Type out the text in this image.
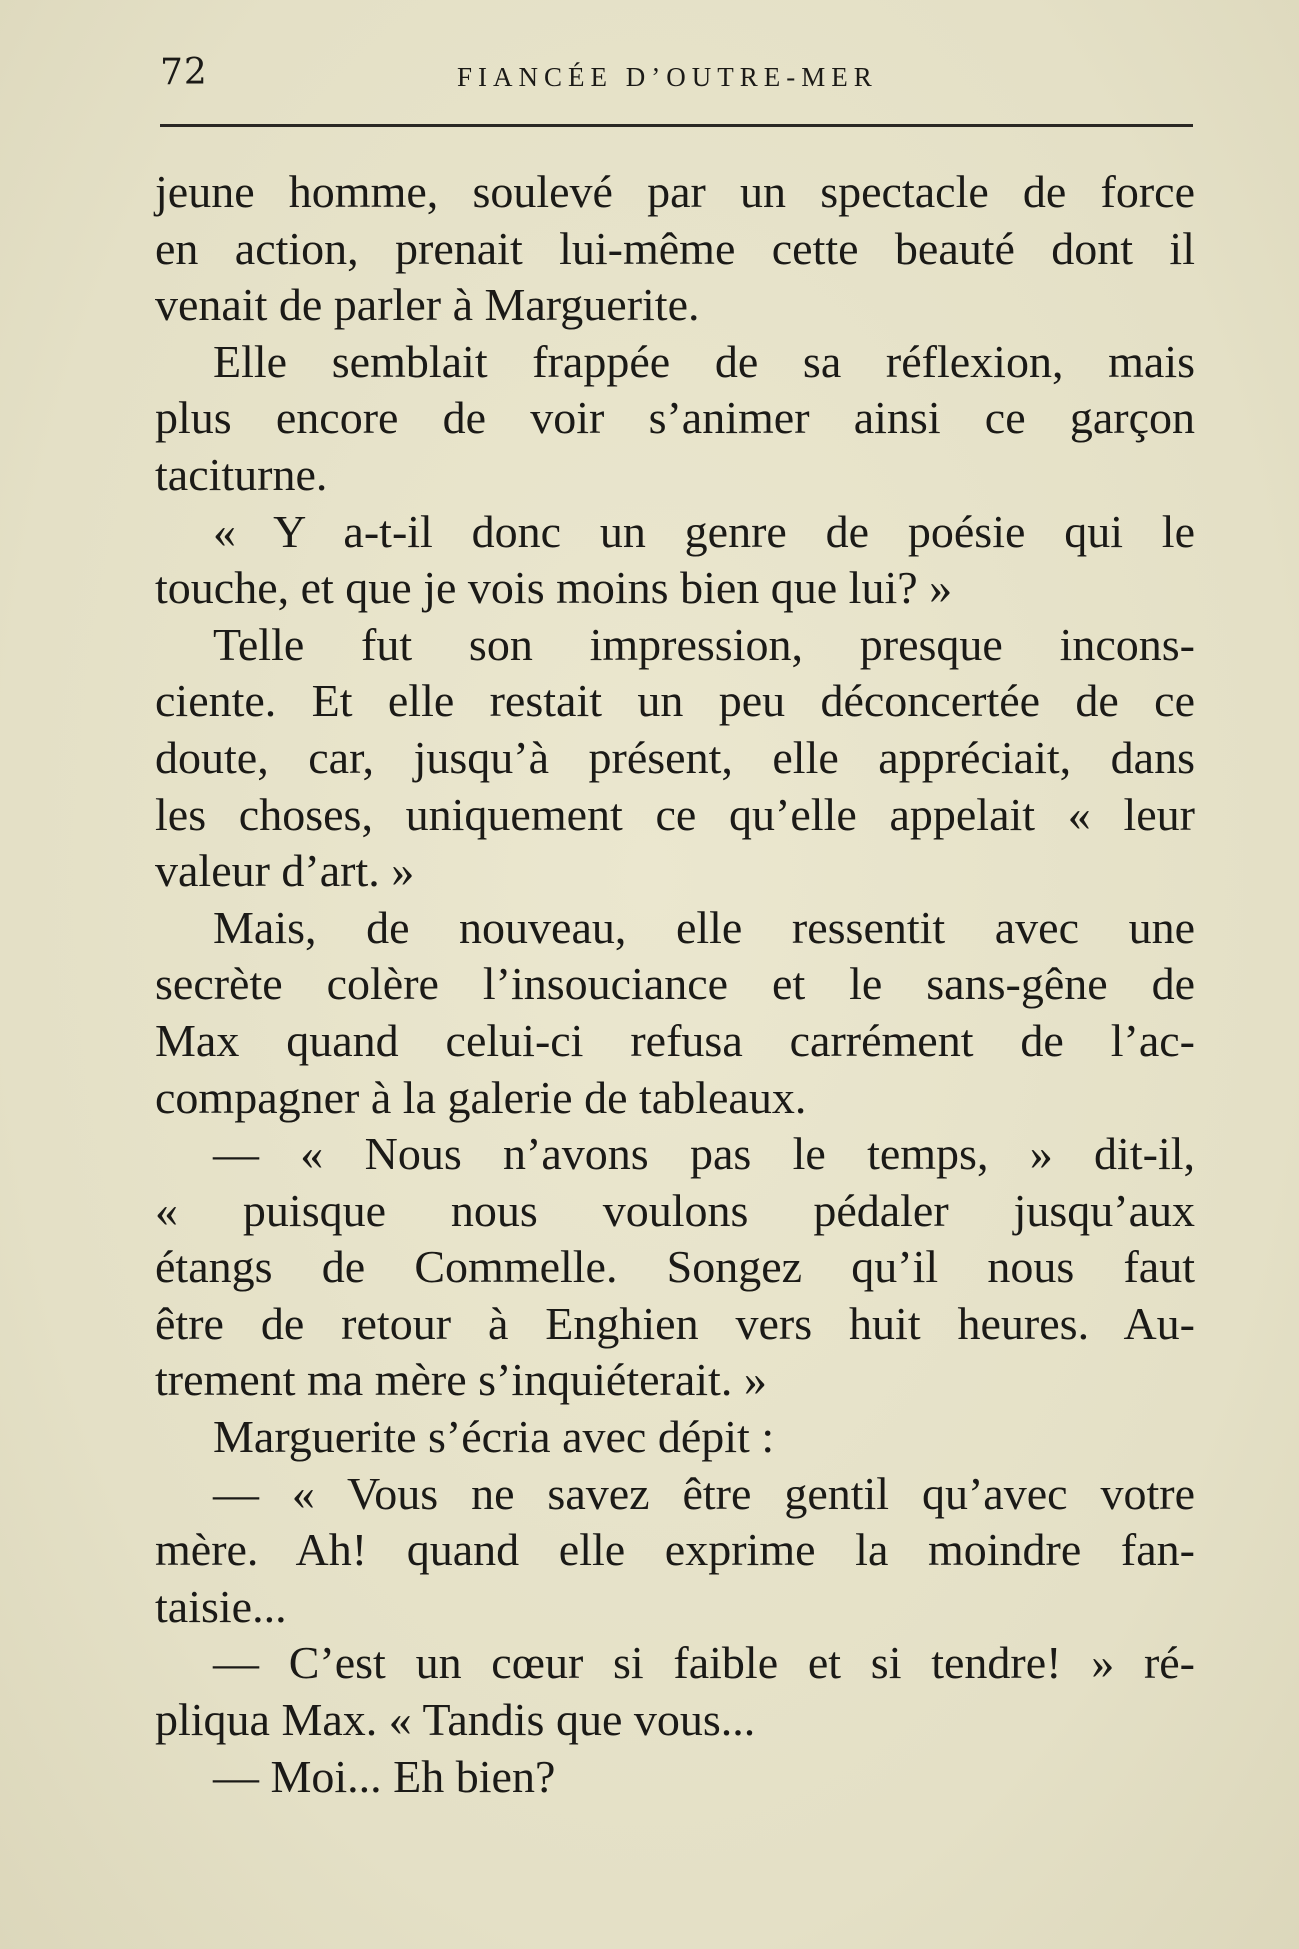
72	FIANCÉE D’OUTRE-MER
jeune homme, soulevé par un spectacle de force
en action, prenait lui-même cette beauté dont il
venait de parler à Marguerite.
Elle semblait frappée de sa réflexion, mais
plus encore de voir s’animer ainsi ce garçon
taciturne.
« Y a-t-il donc un genre de poésie qui le
touche, et que je vois moins bien que lui? »
Telle fut son impression, presque incons-
ciente. Et elle restait un peu déconcertée de ce
doute, car, jusqu’à présent, elle appréciait, dans
les choses, uniquement ce qu’elle appelait « leur
valeur d’art. »
Mais, de nouveau, elle ressentit avec une
secrète colère l’insouciance et le sans-gêne de
Max quand celui-ci refusa carrément de l’ac-
compagner à la galerie de tableaux.
— « Nous n’avons pas le temps, » dit-il,
« puisque nous voulons pédaler jusqu’aux
étangs de Commelle. Songez qu’il nous faut
être de retour à Enghien vers huit heures. Au-
trement ma mère s’inquiéterait. »
Marguerite s’écria avec dépit :
— « Vous ne savez être gentil qu’avec votre
mère. Ah! quand elle exprime la moindre fan-
taisie...
— C’est un cœur si faible et si tendre! » ré-
pliqua Max. « Tandis que vous...
— Moi... Eh bien?
